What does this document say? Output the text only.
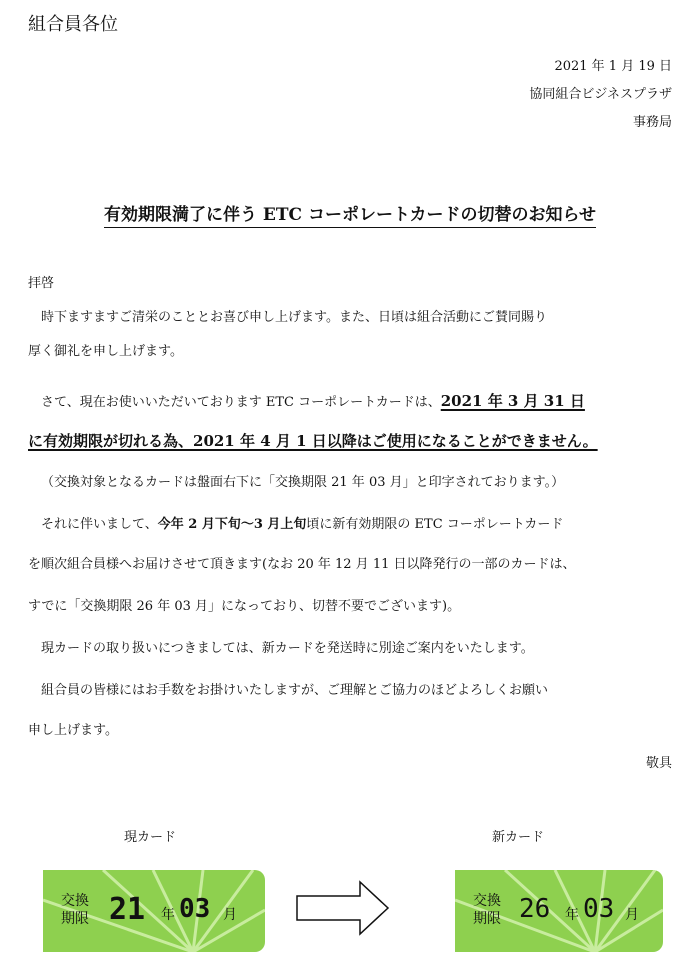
組合員各位
2021 年 1 月 19 日
協同組合ビジネスプラザ
事務局
有効期限満了に伴う ETC コーポレートカードの切替のお知らせ
拝啓
時下ますますご清栄のこととお喜び申し上げます。また、日頃は組合活動にご賛同賜り
厚く御礼を申し上げます。
さて、現在お使いいただいております ETC コーポレートカードは、2021 年 3 月 31 日
に有効期限が切れる為、2021 年 4 月 1 日以降はご使用になることができません。
（交換対象となるカードは盤面右下に「交換期限 21 年 03 月」と印字されております。）
それに伴いまして、今年 2 月下旬〜3 月上旬頃に新有効期限の ETC コーポレートカード
を順次組合員様へお届けさせて頂きます(なお 20 年 12 月 11 日以降発行の一部のカードは、
すでに「交換期限 26 年 03 月」になっており、切替不要でございます)。
現カードの取り扱いにつきましては、新カードを発送時に別途ご案内をいたします。
組合員の皆様にはお手数をお掛けいたしますが、ご理解とご協力のほどよろしくお願い
申し上げます。
敬具
現カード	新カード
交換
期限 21 年 03 月
交換
期限 26 年 03 月
